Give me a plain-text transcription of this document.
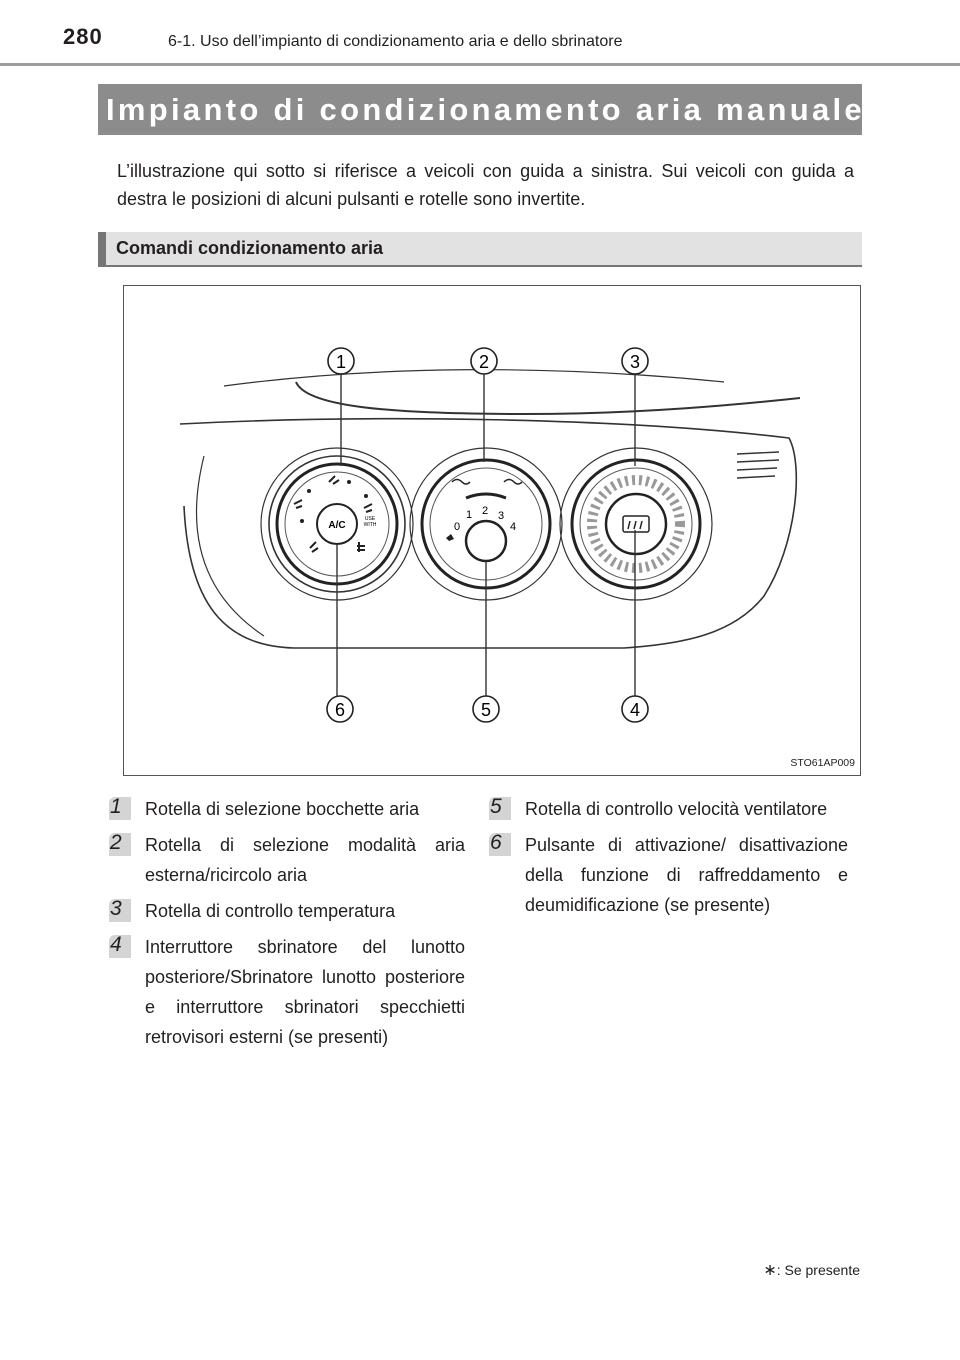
280	6-1. Uso dell’impianto di condizionamento aria e dello sbrinatore
Impianto di condizionamento aria manuale∗
L’illustrazione qui sotto si riferisce a veicoli con guida a sinistra. Sui veicoli con guida a destra le posizioni di alcuni pulsanti e rotelle sono invertite.
Comandi condizionamento aria
A/C
USE
WITH	0
1 2 3
4
1	2	3
4
5
6
STO61AP009
1 Rotella di selezione bocchette aria
2 Rotella di selezione modalità aria esterna/ricircolo aria
3 Rotella di controllo temperatura
4 Interruttore sbrinatore del lunotto posteriore/Sbrinatore lunotto posteriore e interruttore sbrinatori specchietti retrovisori esterni (se presenti)
5 Rotella di controllo velocità ventilatore
6 Pulsante di attivazione/ disattivazione della funzione di raffreddamento e deumidificazione (se presente)
∗: Se presente
